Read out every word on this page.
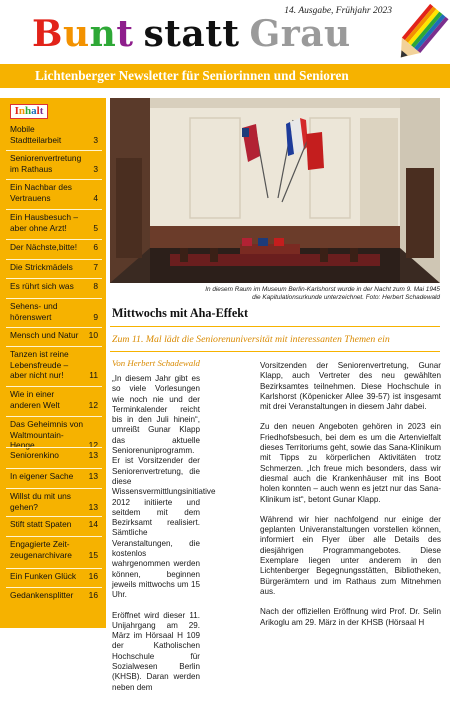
14. Ausgabe, Frühjahr 2023
Bunt statt Grau
Lichtenberger Newsletter für Seniorinnen und Senioren
Inhalt
Mobile Stadtteilarbeit	3
Seniorenvertretung im Rathaus	3
Ein Nachbar des Vertrauens	4
Ein Hausbesuch – aber ohne Arzt!	5
Der Nächste,bitte!	6
Die Strickmädels	7
Es rührt sich was	8
Sehens- und hörenswert	9
Mensch und Natur	10
Tanzen ist reine Lebensfreude – aber nicht nur!	11
Wie in einer anderen Welt	12
Das Geheimnis von Waltmountain-Henge	12
Seniorenkino	13
In eigener Sache	13
Willst du mit uns gehen?	13
Stift statt Spaten	14
Engagierte Zeit-zeugenarchivare	15
Ein Funken Glück	16
Gedankensplitter	16
In diesem Raum im Museum Berlin-Karlshorst wurde in der Nacht zum 9. Mai 1945
die Kapitulationsurkunde unterzeichnet. Foto: Herbert Schadewald
Mittwochs mit Aha-Effekt
Zum 11. Mal lädt die Seniorenuniversität mit interessanten Themen ein
Von Herbert Schadewald

„In diesem Jahr gibt es so viele Vorlesungen wie noch nie und der Terminkalender reicht bis in den Juli hinein“, umreißt Gunar Klapp das aktuelle Seniorenuniprogramm. Er ist Vorsitzender der Seniorenvertretung, die diese Wissensvermittlungsinitiative 2012 initiierte und seitdem mit dem Bezirksamt realisiert. Sämtliche Veranstaltungen, die kostenlos wahrgenommen werden können, beginnen jeweils mittwochs um 15 Uhr.

Eröffnet wird dieser 11. Unijahrgang am 29. März im Hörsaal H 109 der Katholischen Hochschule für Sozialwesen Berlin (KHSB). Daran werden neben dem

Vorsitzenden der Seniorenvertretung, Gunar Klapp, auch Vertreter des neu gewählten Bezirksamtes teilnehmen. Diese Hochschule in Karlshorst (Köpenicker Allee 39-57) ist insgesamt mit drei Veranstaltungen in diesem Jahr dabei.

Zu den neuen Angeboten gehören in 2023 ein Friedhofsbesuch, bei dem es um die Artenvielfalt dieses Territoriums geht, sowie das Sana-Klinikum mit Tipps zu körperlichen Aktivitäten trotz Schmerzen. „Ich freue mich besonders, dass wir diesmal auch die Krankenhäuser mit ins Boot holen konnten – auch wenn es jetzt nur das Sana-Klinikum ist“, betont Gunar Klapp.

Während wir hier nachfolgend nur einige der geplanten Univeranstaltungen vorstellen können, informiert ein Flyer über alle Details des diesjährigen Programmangebotes. Diese Exemplare liegen unter anderem in den Lichtenberger Begegnungsstätten, Bibliotheken, Bürgerämtern und im Rathaus zum Mitnehmen aus.

Nach der offiziellen Eröffnung wird Prof. Dr. Selin Arikoglu am 29. März in der KHSB (Hörsaal H
